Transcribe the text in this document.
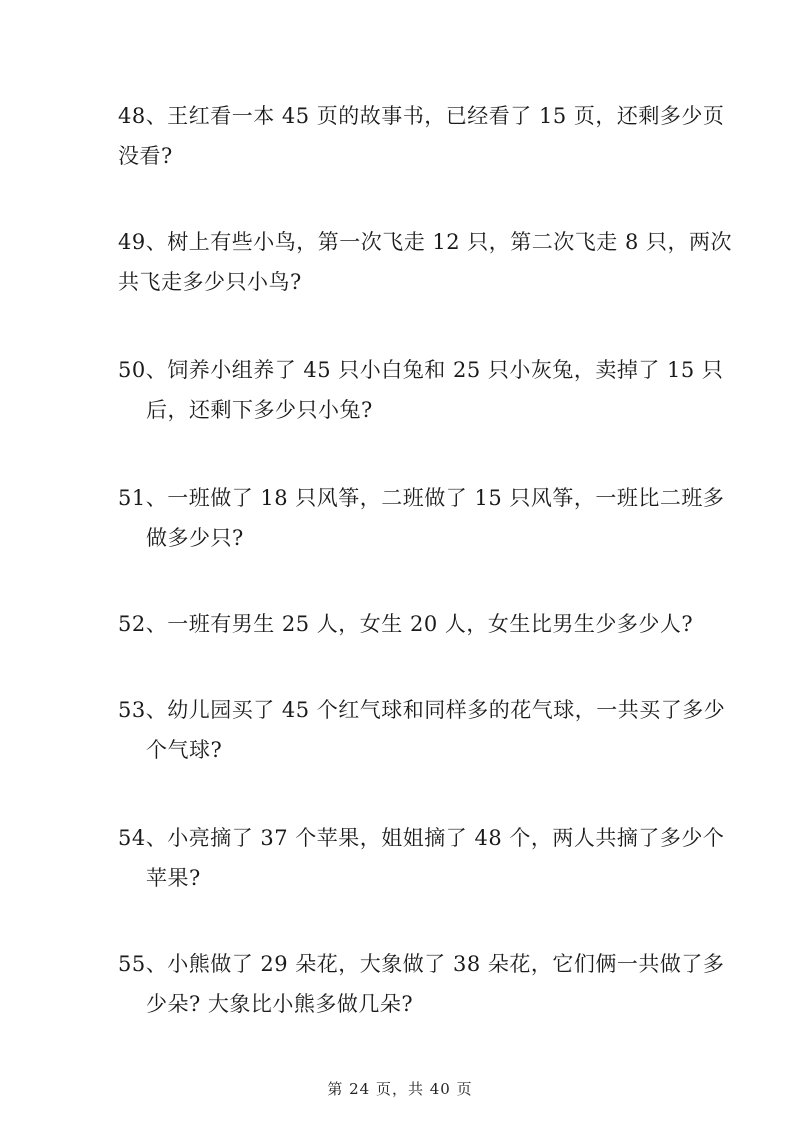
48、王红看一本 45 页的故事书，已经看了 15 页，还剩多少页
没看?
49、树上有些小鸟，第一次飞走 12 只，第二次飞走 8 只，两次
共飞走多少只小鸟?
50、饲养小组养了 45 只小白兔和 25 只小灰兔，卖掉了 15 只
后，还剩下多少只小兔?
51、一班做了 18 只风筝，二班做了 15 只风筝，一班比二班多
做多少只?
52、一班有男生 25 人，女生 20 人，女生比男生少多少人?
53、幼儿园买了 45 个红气球和同样多的花气球，一共买了多少
个气球?
54、小亮摘了 37 个苹果，姐姐摘了 48 个，两人共摘了多少个
苹果?
55、小熊做了 29 朵花，大象做了 38 朵花，它们俩一共做了多
少朵? 大象比小熊多做几朵?
第 24 页，共 40 页
